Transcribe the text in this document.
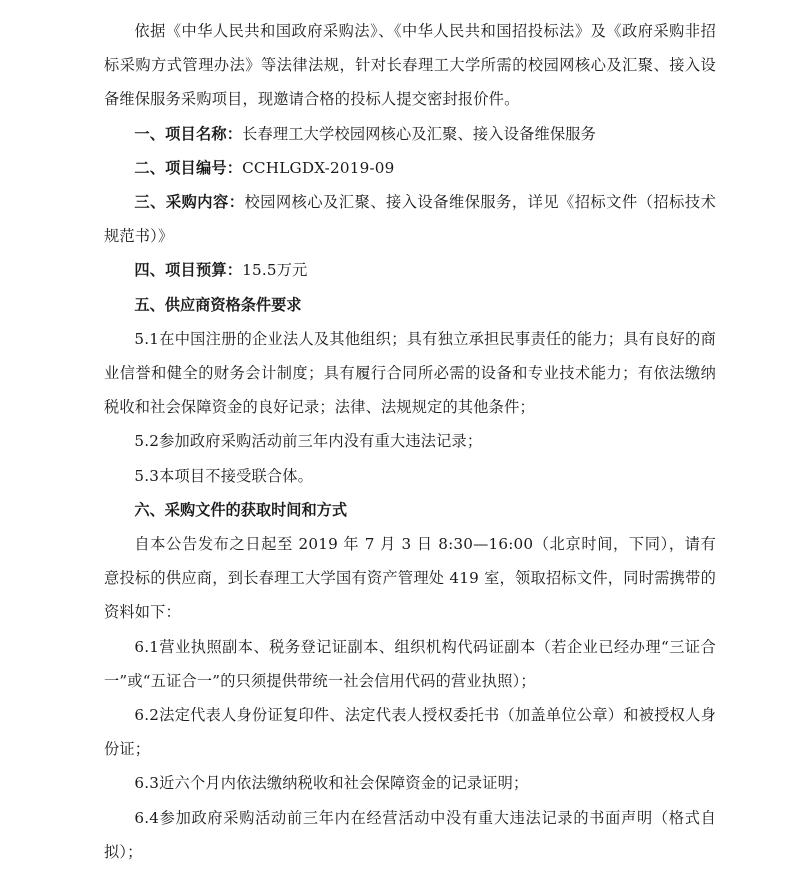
依据《中华人民共和国政府采购法》、《中华人民共和国招投标法》及《政府采购非招标采购方式管理办法》等法律法规，针对长春理工大学所需的校园网核心及汇聚、接入设备维保服务采购项目，现邀请合格的投标人提交密封报价件。

一、项目名称：长春理工大学校园网核心及汇聚、接入设备维保服务

二、项目编号：CCHLGDX-2019-09

三、采购内容：校园网核心及汇聚、接入设备维保服务，详见《招标文件（招标技术规范书）》

四、项目预算：15.5万元

五、供应商资格条件要求

5.1在中国注册的企业法人及其他组织；具有独立承担民事责任的能力；具有良好的商业信誉和健全的财务会计制度；具有履行合同所必需的设备和专业技术能力；有依法缴纳税收和社会保障资金的良好记录；法律、法规规定的其他条件；

5.2参加政府采购活动前三年内没有重大违法记录；

5.3本项目不接受联合体。

六、采购文件的获取时间和方式

自本公告发布之日起至 2019 年 7 月 3 日 8:30—16:00（北京时间，下同），请有意投标的供应商，到长春理工大学国有资产管理处 419 室，领取招标文件，同时需携带的资料如下：

6.1营业执照副本、税务登记证副本、组织机构代码证副本（若企业已经办理“三证合一”或“五证合一”的只须提供带统一社会信用代码的营业执照）；

6.2法定代表人身份证复印件、法定代表人授权委托书（加盖单位公章）和被授权人身份证；

6.3近六个月内依法缴纳税收和社会保障资金的记录证明；

6.4参加政府采购活动前三年内在经营活动中没有重大违法记录的书面声明（格式自拟）；
